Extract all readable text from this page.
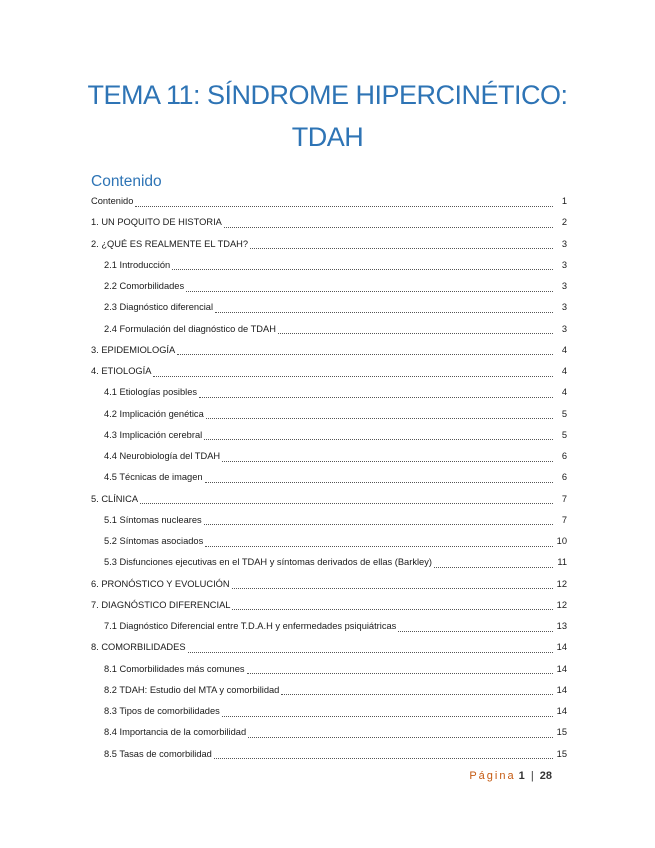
TEMA 11: SÍNDROME HIPERCINÉTICO:
TDAH
Contenido
Contenido	1
1. UN POQUITO DE HISTORIA	2
2. ¿QUÉ ES REALMENTE EL TDAH?	3
2.1 Introducción	3
2.2 Comorbilidades	3
2.3 Diagnóstico diferencial	3
2.4 Formulación del diagnóstico de TDAH	3
3. EPIDEMIOLOGÍA	4
4. ETIOLOGÍA	4
4.1 Etiologías posibles	4
4.2 Implicación genética	5
4.3 Implicación cerebral	5
4.4 Neurobiología del TDAH	6
4.5 Técnicas de imagen	6
5. CLÍNICA	7
5.1 Síntomas nucleares	7
5.2 Síntomas asociados	10
5.3 Disfunciones ejecutivas en el TDAH y síntomas derivados de ellas (Barkley)	11
6. PRONÓSTICO Y EVOLUCIÓN	12
7. DIAGNÓSTICO DIFERENCIAL	12
7.1 Diagnóstico Diferencial entre T.D.A.H y enfermedades psiquiátricas	13
8. COMORBILIDADES	14
8.1 Comorbilidades más comunes	14
8.2 TDAH: Estudio del MTA y comorbilidad	14
8.3 Tipos de comorbilidades	14
8.4 Importancia de la comorbilidad	15
8.5 Tasas de comorbilidad	15
Página 1 | 28
